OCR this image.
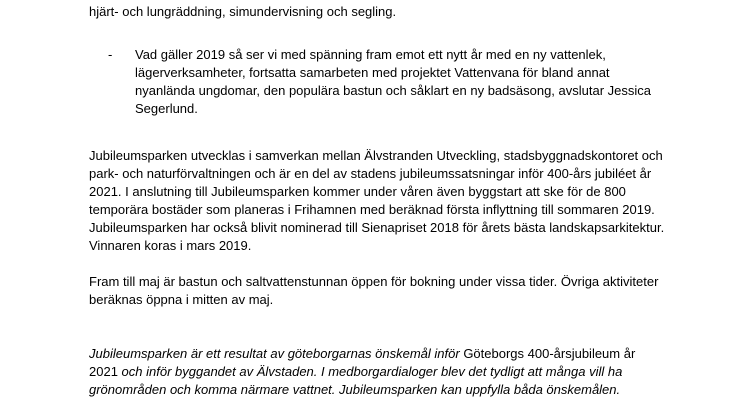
hjärt- och lungräddning, simundervisning och segling.
- Vad gäller 2019 så ser vi med spänning fram emot ett nytt år med en ny vattenlek,
lägerverksamheter, fortsatta samarbeten med projektet Vattenvana för bland annat
nyanlända ungdomar, den populära bastun och såklart en ny badsäsong, avslutar Jessica
Segerlund.
Jubileumsparken utvecklas i samverkan mellan Älvstranden Utveckling, stadsbyggnadskontoret och
park- och naturförvaltningen och är en del av stadens jubileumssatsningar inför 400-års jubiléet år
2021. I anslutning till Jubileumsparken kommer under våren även byggstart att ske för de 800
temporära bostäder som planeras i Frihamnen med beräknad första inflyttning till sommaren 2019.
Jubileumsparken har också blivit nominerad till Sienapriset 2018 för årets bästa landskapsarkitektur.
Vinnaren koras i mars 2019.
Fram till maj är bastun och saltvattenstunnan öppen för bokning under vissa tider. Övriga aktiviteter
beräknas öppna i mitten av maj.
Jubileumsparken är ett resultat av göteborgarnas önskemål inför Göteborgs 400-årsjubileum år
2021 och inför byggandet av Älvstaden. I medborgardialoger blev det tydligt att många vill ha
grönområden och komma närmare vattnet. Jubileumsparken kan uppfylla båda önskemålen.
